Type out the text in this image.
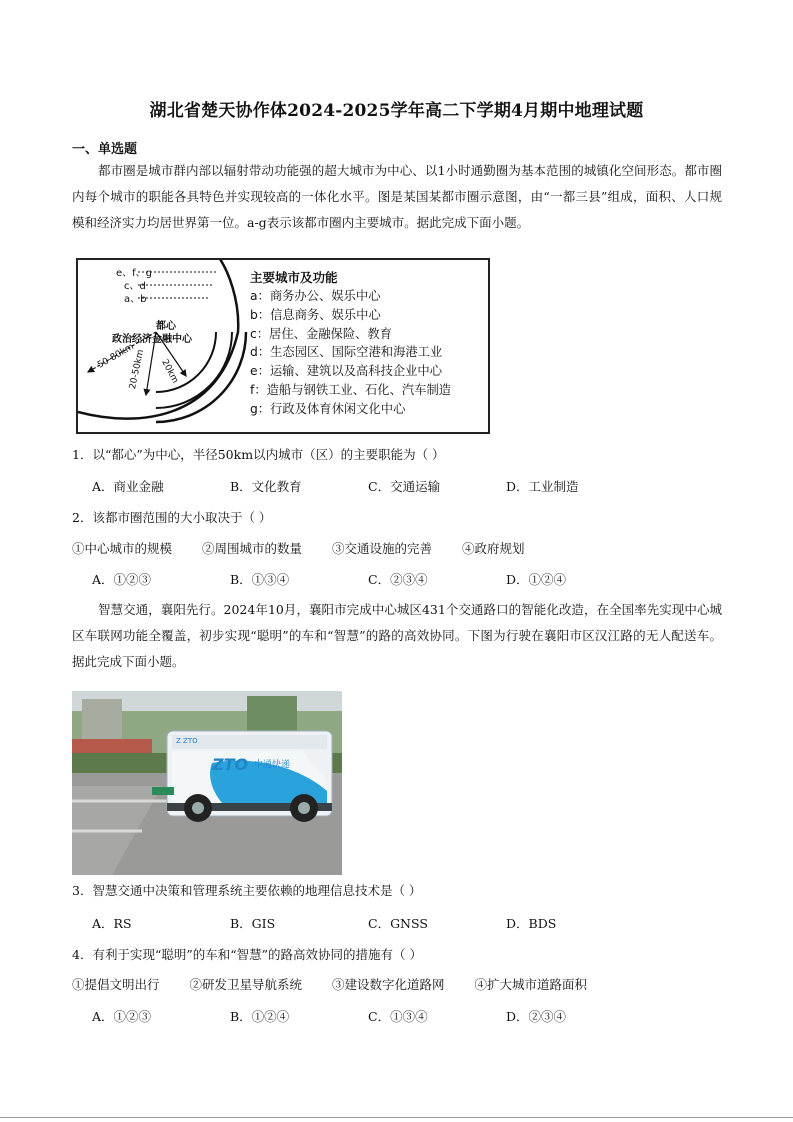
湖北省楚天协作体2024-2025学年高二下学期4月期中地理试题
一、单选题
都市圈是城市群内部以辐射带动功能强的超大城市为中心、以1小时通勤圈为基本范围的城镇化空间形态。都市圈内每个城市的职能各具特色并实现较高的一体化水平。图是某国某都市圈示意图，由“一都三县”组成，面积、人口规模和经济实力均居世界第一位。a-g表示该都市圈内主要城市。据此完成下面小题。
e、f、g
c、d
a、b
都心
政治经济金融中心
20km
20-50km
50-80km
主要城市及功能
a：商务办公、娱乐中心
b：信息商务、娱乐中心
c：居住、金融保险、教育
d：生态园区、国际空港和海港工业
e：运输、建筑以及高科技企业中心
f：造船与钢铁工业、石化、汽车制造
g：行政及体育休闲文化中心
1．以“都心”为中心，半径50km以内城市（区）的主要职能为（ ）
A．商业金融	B．文化教育	C．交通运输	D．工业制造
2．该都市圈范围的大小取决于（ ）
①中心城市的规模 ②周围城市的数量 ③交通设施的完善 ④政府规划
A．①②③	B．①③④	C．②③④	D．①②④
智慧交通，襄阳先行。2024年10月，襄阳市完成中心城区431个交通路口的智能化改造，在全国率先实现中心城区车联网功能全覆盖，初步实现“聪明”的车和“智慧”的路的高效协同。下图为行驶在襄阳市区汉江路的无人配送车。据此完成下面小题。
ZTO 中通快递
Z ZTO
3．智慧交通中决策和管理系统主要依赖的地理信息技术是（ ）
A．RS	B．GIS	C．GNSS	D．BDS
4．有利于实现“聪明”的车和“智慧”的路高效协同的措施有（ ）
①提倡文明出行 ②研发卫星导航系统 ③建设数字化道路网 ④扩大城市道路面积
A．①②③	B．①②④	C．①③④	D．②③④
